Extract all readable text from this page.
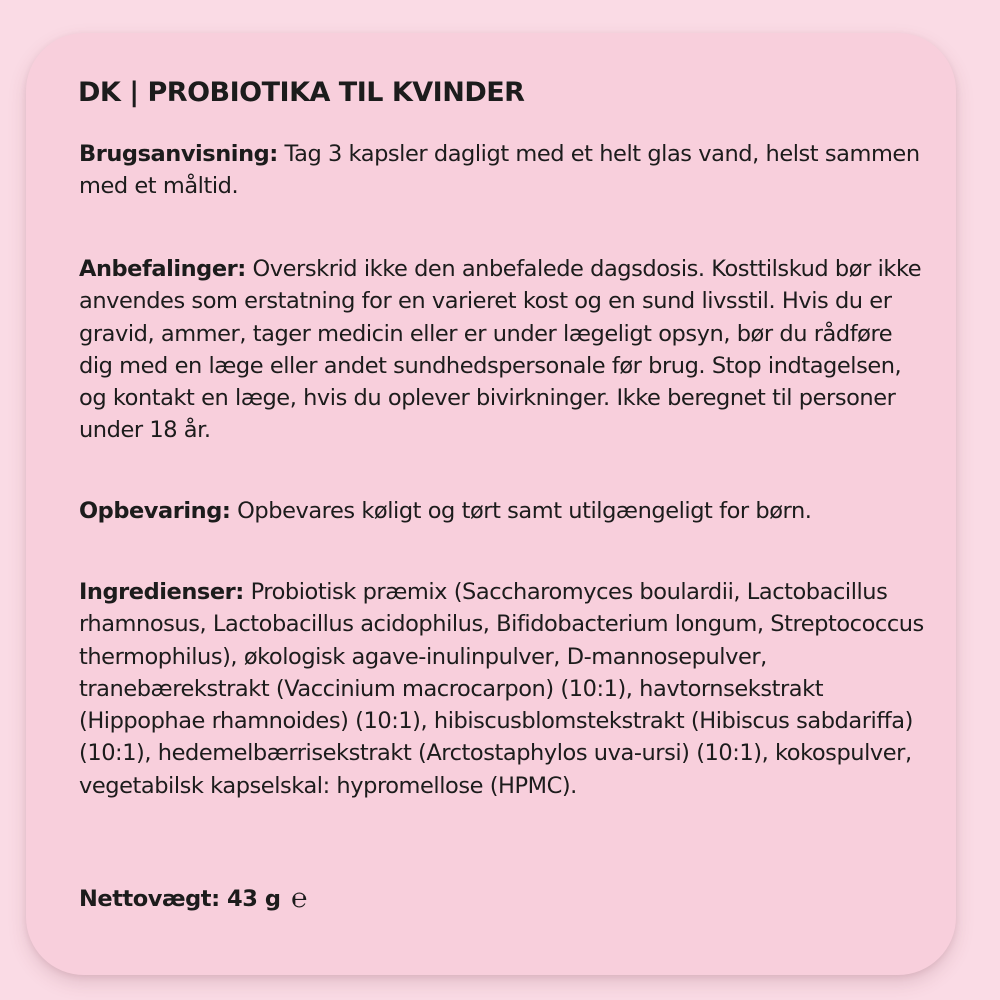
DK | PROBIOTIKA TIL KVINDER

Brugsanvisning: Tag 3 kapsler dagligt med et helt glas vand, helst sammen med et måltid.

Anbefalinger: Overskrid ikke den anbefalede dagsdosis. Kosttilskud bør ikke anvendes som erstatning for en varieret kost og en sund livsstil. Hvis du er gravid, ammer, tager medicin eller er under lægeligt opsyn, bør du rådføre dig med en læge eller andet sundhedspersonale før brug. Stop indtagelsen, og kontakt en læge, hvis du oplever bivirkninger. Ikke beregnet til personer under 18 år.

Opbevaring: Opbevares køligt og tørt samt utilgængeligt for børn.

Ingredienser: Probiotisk præmix (Saccharomyces boulardii, Lactobacillus rhamnosus, Lactobacillus acidophilus, Bifidobacterium longum, Streptococcus thermophilus), økologisk agave-inulinpulver, D-mannosepulver, tranebærekstrakt (Vaccinium macrocarpon) (10:1), havtornsekstrakt (Hippophae rhamnoides) (10:1), hibiscusblomstekstrakt (Hibiscus sabdariffa) (10:1), hedemelbærrisekstrakt (Arctostaphylos uva-ursi) (10:1), kokospulver, vegetabilsk kapselskal: hypromellose (HPMC).

Nettovægt: 43 g ℮
